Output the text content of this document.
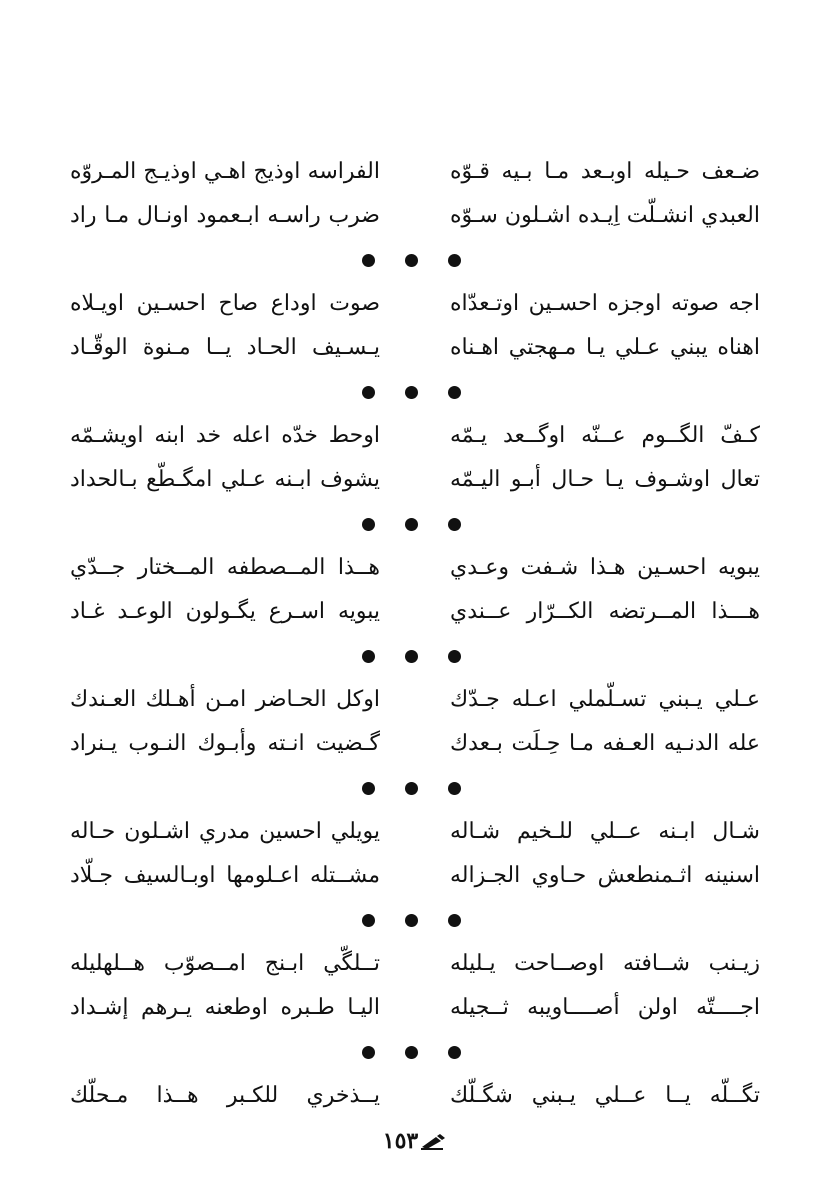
ضـعف حـيله اوبـعد مـا بـيه قـوّه
الفراسه اوذيج اهـي اوذيـج المـروّه
العبدي انشـلّت اِيـده اشـلون سـوّه
ضرب راسـه ابـعمود اونـال مـا راد
اجه صوته اوجزه احسـين اوتـعدّاه
صوت اوداع صاح احسـين اويـلاه
اهناه يبني عـلي يـا مـهجتي اهـناه
يـسـيف الحـاد يــا مـنوة الوقّـاد
كـفّ الگــوم عــنّه اوگــعد يـمّه
اوحط خدّه اعله خد ابنه اويشـمّه
تعال اوشـوف يـا حـال أبـو اليـمّه
يشوف ابـنه عـلي امگـطّع بـالحداد
يبويه احسـين هـذا شـفت وعـدي
هــذا المــصطفه المــختار جــدّي
هـــذا المــرتضه الكــرّار عــندي
يبويه اسـرع يگـولون الوعـد غـاد
عـلي يـبني تسـلّملي اعـله جـدّك
اوكل الحـاضر امـن أهـلك العـندك
عله الدنـيه العـفه مـا حِـلَت بـعدك
گـضيت انـته وأبـوك النـوب يـنراد
شـال ابـنه عــلي للـخيم شـاله
يويلي احسين مدري اشـلون حـاله
اسنينه اثـمنطعش حـاوي الجـزاله
مشــتله اعـلومها اوبـالسيف جـلّاد
زيـنب شــافته اوصــاحت يـليله
تــلگّي ابـنج امــصوّب هــلهليله
اجــــتّه اولن أصــــاويبه ثــجيله
اليـا طـبره اوطعنه يـرهم إشـداد
تگــلّه يــا عــلي يـبني شگـلّك
يــذخري للكـبر هــذا مـحلّك
١٥٣
